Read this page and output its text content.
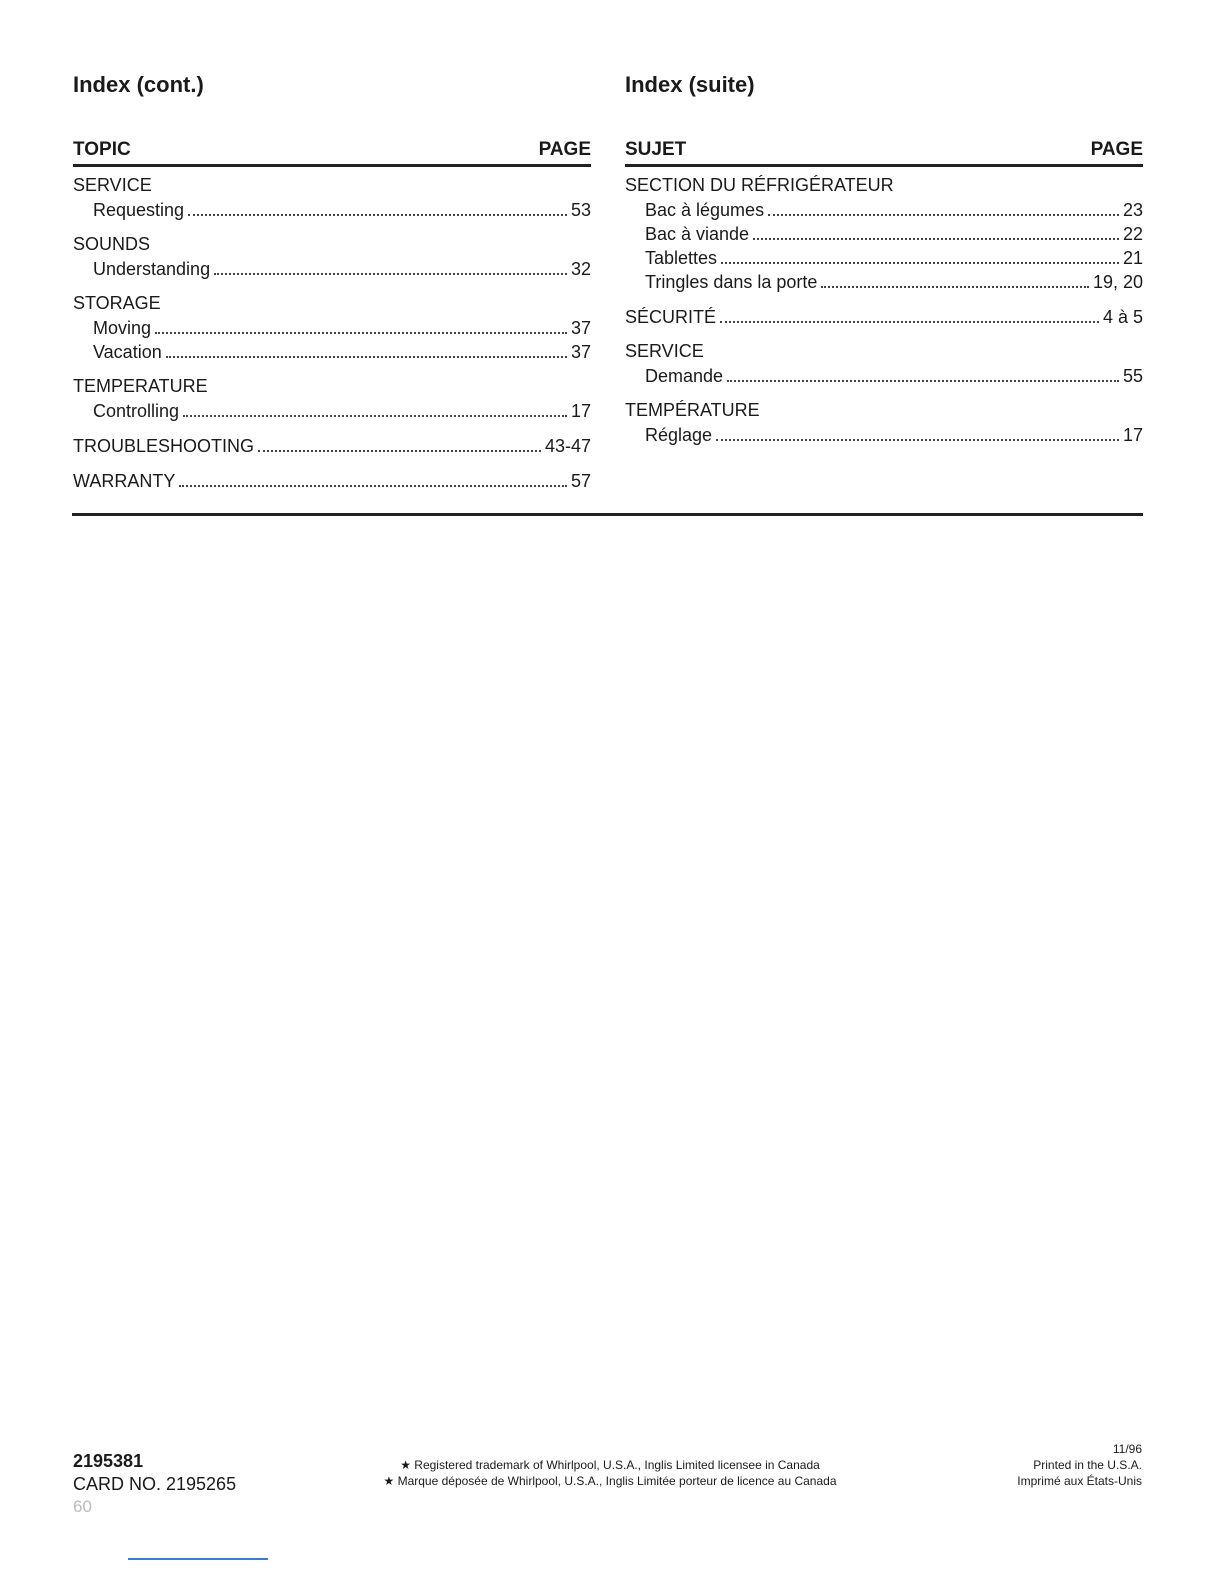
Index (cont.)
TOPIC	PAGE
SERVICE
Requesting	53
SOUNDS
Understanding	32
STORAGE
Moving	37
Vacation	37
TEMPERATURE
Controlling	17
TROUBLESHOOTING	43-47
WARRANTY	57
Index (suite)
SUJET	PAGE
SECTION DU RÉFRIGÉRATEUR
Bac à légumes	23
Bac à viande	22
Tablettes	21
Tringles dans la porte	19, 20
SÉCURITÉ	4 à 5
SERVICE
Demande	55
TEMPÉRATURE
Réglage	17
2195381
CARD NO. 2195265
60
★ Registered trademark of Whirlpool, U.S.A., Inglis Limited licensee in Canada
★ Marque déposée de Whirlpool, U.S.A., Inglis Limitée porteur de licence au Canada
11/96
Printed in the U.S.A.
Imprimé aux États-Unis
